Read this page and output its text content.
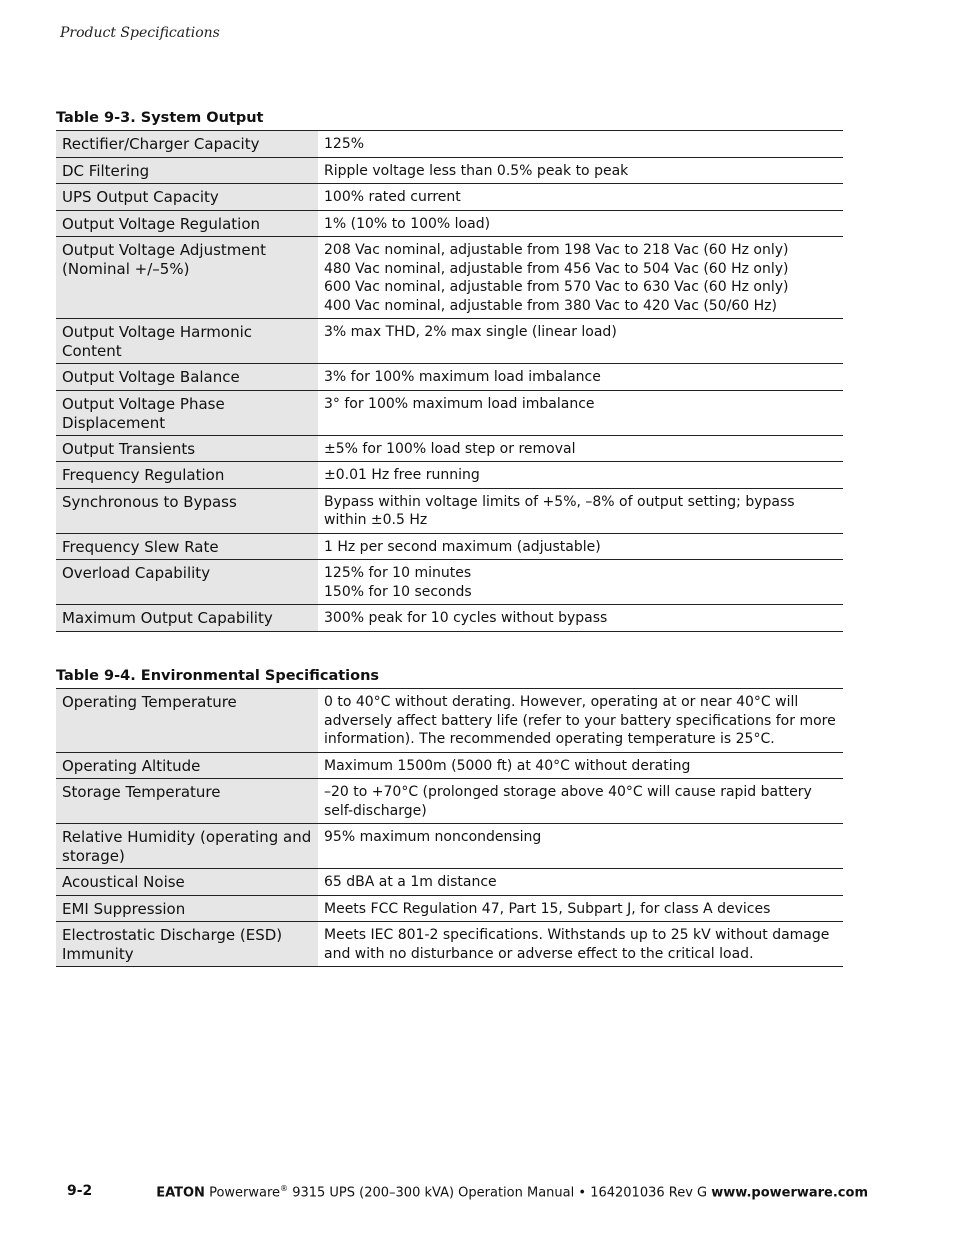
Product Specifications
Table 9-3. System Output
Rectifier/Charger Capacity	125%

DC Filtering	Ripple voltage less than 0.5% peak to peak

UPS Output Capacity	100% rated current

Output Voltage Regulation	1% (10% to 100% load)

Output Voltage Adjustment (Nominal +/–5%)	208 Vac nominal, adjustable from 198 Vac to 218 Vac (60 Hz only)
480 Vac nominal, adjustable from 456 Vac to 504 Vac (60 Hz only)
600 Vac nominal, adjustable from 570 Vac to 630 Vac (60 Hz only)
400 Vac nominal, adjustable from 380 Vac to 420 Vac (50/60 Hz)

Output Voltage Harmonic Content	3% max THD, 2% max single (linear load)

Output Voltage Balance	3% for 100% maximum load imbalance

Output Voltage Phase Displacement	3° for 100% maximum load imbalance

Output Transients	±5% for 100% load step or removal

Frequency Regulation	±0.01 Hz free running

Synchronous to Bypass	Bypass within voltage limits of +5%, –8% of output setting; bypass within ±0.5 Hz

Frequency Slew Rate	1 Hz per second maximum (adjustable)

Overload Capability	125% for 10 minutes
150% for 10 seconds

Maximum Output Capability	300% peak for 10 cycles without bypass
Table 9-4. Environmental Specifications
Operating Temperature	0 to 40°C without derating. However, operating at or near 40°C will adversely affect battery life (refer to your battery specifications for more information). The recommended operating temperature is 25°C.

Operating Altitude	Maximum 1500m (5000 ft) at 40°C without derating

Storage Temperature	–20 to +70°C (prolonged storage above 40°C will cause rapid battery self-discharge)

Relative Humidity (operating and storage)	95% maximum noncondensing

Acoustical Noise	65 dBA at a 1m distance

EMI Suppression	Meets FCC Regulation 47, Part 15, Subpart J, for class A devices

Electrostatic Discharge (ESD) Immunity	Meets IEC 801-2 specifications. Withstands up to 25 kV without damage and with no disturbance or adverse effect to the critical load.
9-2	EATON Powerware® 9315 UPS (200–300 kVA) Operation Manual • 164201036 Rev G www.powerware.com
